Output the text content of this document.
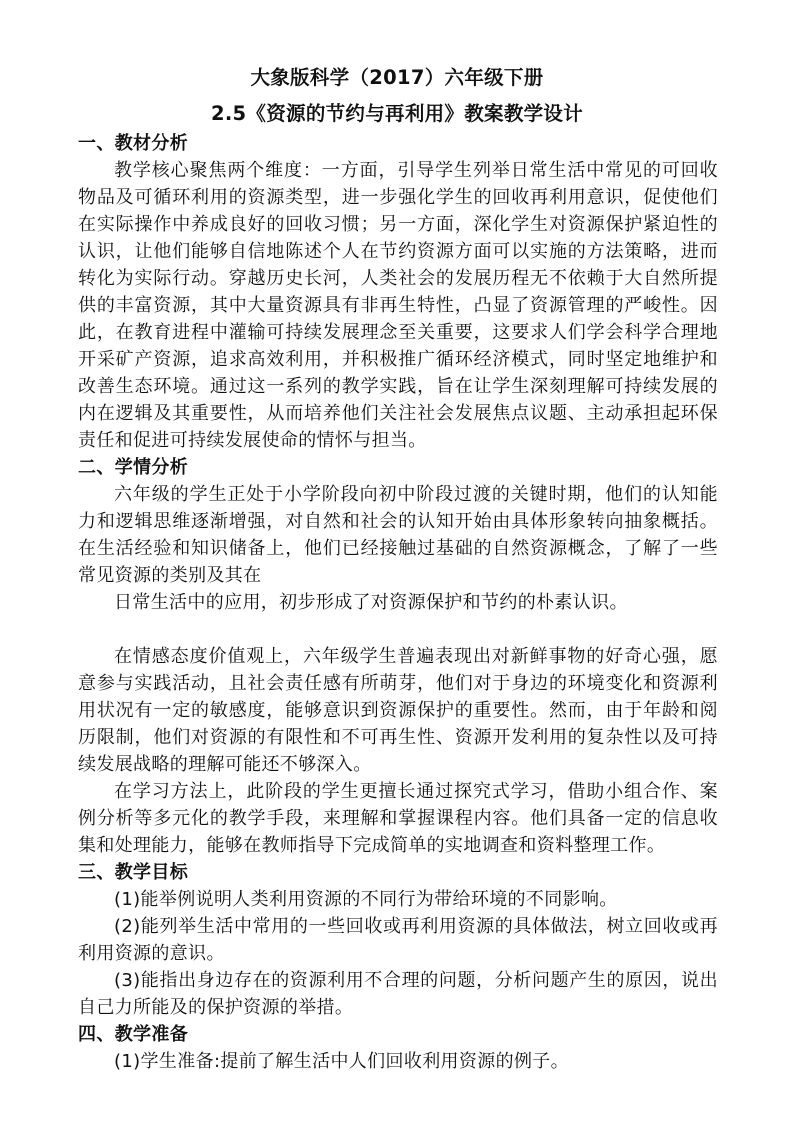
大象版科学（2017）六年级下册
2.5《资源的节约与再利用》教案教学设计

一、教材分析

教学核心聚焦两个维度：一方面，引导学生列举日常生活中常见的可回收物品及可循环利用的资源类型，进一步强化学生的回收再利用意识，促使他们在实际操作中养成良好的回收习惯；另一方面，深化学生对资源保护紧迫性的认识，让他们能够自信地陈述个人在节约资源方面可以实施的方法策略，进而转化为实际行动。穿越历史长河，人类社会的发展历程无不依赖于大自然所提供的丰富资源，其中大量资源具有非再生特性，凸显了资源管理的严峻性。因此，在教育进程中灌输可持续发展理念至关重要，这要求人们学会科学合理地开采矿产资源，追求高效利用，并积极推广循环经济模式，同时坚定地维护和改善生态环境。通过这一系列的教学实践，旨在让学生深刻理解可持续发展的内在逻辑及其重要性，从而培养他们关注社会发展焦点议题、主动承担起环保责任和促进可持续发展使命的情怀与担当。

二、学情分析

六年级的学生正处于小学阶段向初中阶段过渡的关键时期，他们的认知能力和逻辑思维逐渐增强，对自然和社会的认知开始由具体形象转向抽象概括。在生活经验和知识储备上，他们已经接触过基础的自然资源概念，了解了一些常见资源的类别及其在

日常生活中的应用，初步形成了对资源保护和节约的朴素认识。

在情感态度价值观上，六年级学生普遍表现出对新鲜事物的好奇心强，愿意参与实践活动，且社会责任感有所萌芽，他们对于身边的环境变化和资源利用状况有一定的敏感度，能够意识到资源保护的重要性。然而，由于年龄和阅历限制，他们对资源的有限性和不可再生性、资源开发利用的复杂性以及可持续发展战略的理解可能还不够深入。

在学习方法上，此阶段的学生更擅长通过探究式学习，借助小组合作、案例分析等多元化的教学手段，来理解和掌握课程内容。他们具备一定的信息收集和处理能力，能够在教师指导下完成简单的实地调查和资料整理工作。

三、教学目标

(1)能举例说明人类利用资源的不同行为带给环境的不同影响。

(2)能列举生活中常用的一些回收或再利用资源的具体做法，树立回收或再利用资源的意识。

(3)能指出身边存在的资源利用不合理的问题，分析问题产生的原因，说出自己力所能及的保护资源的举措。

四、教学准备

(1)学生准备:提前了解生活中人们回收利用资源的例子。
